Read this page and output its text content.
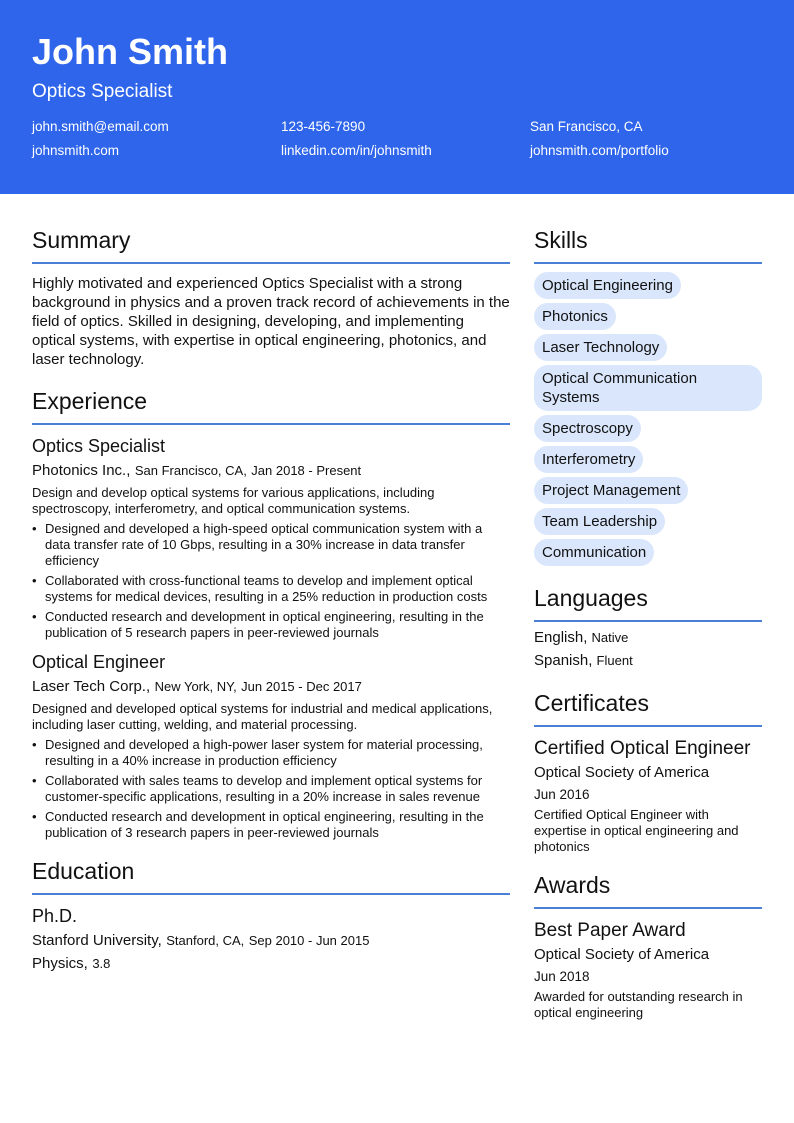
John Smith
Optics Specialist
john.smith@email.com	123-456-7890	San Francisco, CA
johnsmith.com	linkedin.com/in/johnsmith	johnsmith.com/portfolio
Summary
Highly motivated and experienced Optics Specialist with a strong background in physics and a proven track record of achievements in the field of optics. Skilled in designing, developing, and implementing optical systems, with expertise in optical engineering, photonics, and laser technology.
Experience
Optics Specialist
Photonics Inc., San Francisco, CA, Jan 2018 - Present
Design and develop optical systems for various applications, including spectroscopy, interferometry, and optical communication systems.
• Designed and developed a high-speed optical communication system with a data transfer rate of 10 Gbps, resulting in a 30% increase in data transfer efficiency
• Collaborated with cross-functional teams to develop and implement optical systems for medical devices, resulting in a 25% reduction in production costs
• Conducted research and development in optical engineering, resulting in the publication of 5 research papers in peer-reviewed journals
Optical Engineer
Laser Tech Corp., New York, NY, Jun 2015 - Dec 2017
Designed and developed optical systems for industrial and medical applications, including laser cutting, welding, and material processing.
• Designed and developed a high-power laser system for material processing, resulting in a 40% increase in production efficiency
• Collaborated with sales teams to develop and implement optical systems for customer-specific applications, resulting in a 20% increase in sales revenue
• Conducted research and development in optical engineering, resulting in the publication of 3 research papers in peer-reviewed journals
Education
Ph.D.
Stanford University, Stanford, CA, Sep 2010 - Jun 2015
Physics, 3.8
Skills
Optical Engineering
Photonics
Laser Technology
Optical Communication Systems
Spectroscopy
Interferometry
Project Management
Team Leadership
Communication
Languages
English, Native
Spanish, Fluent
Certificates
Certified Optical Engineer
Optical Society of America
Jun 2016
Certified Optical Engineer with expertise in optical engineering and photonics
Awards
Best Paper Award
Optical Society of America
Jun 2018
Awarded for outstanding research in optical engineering
